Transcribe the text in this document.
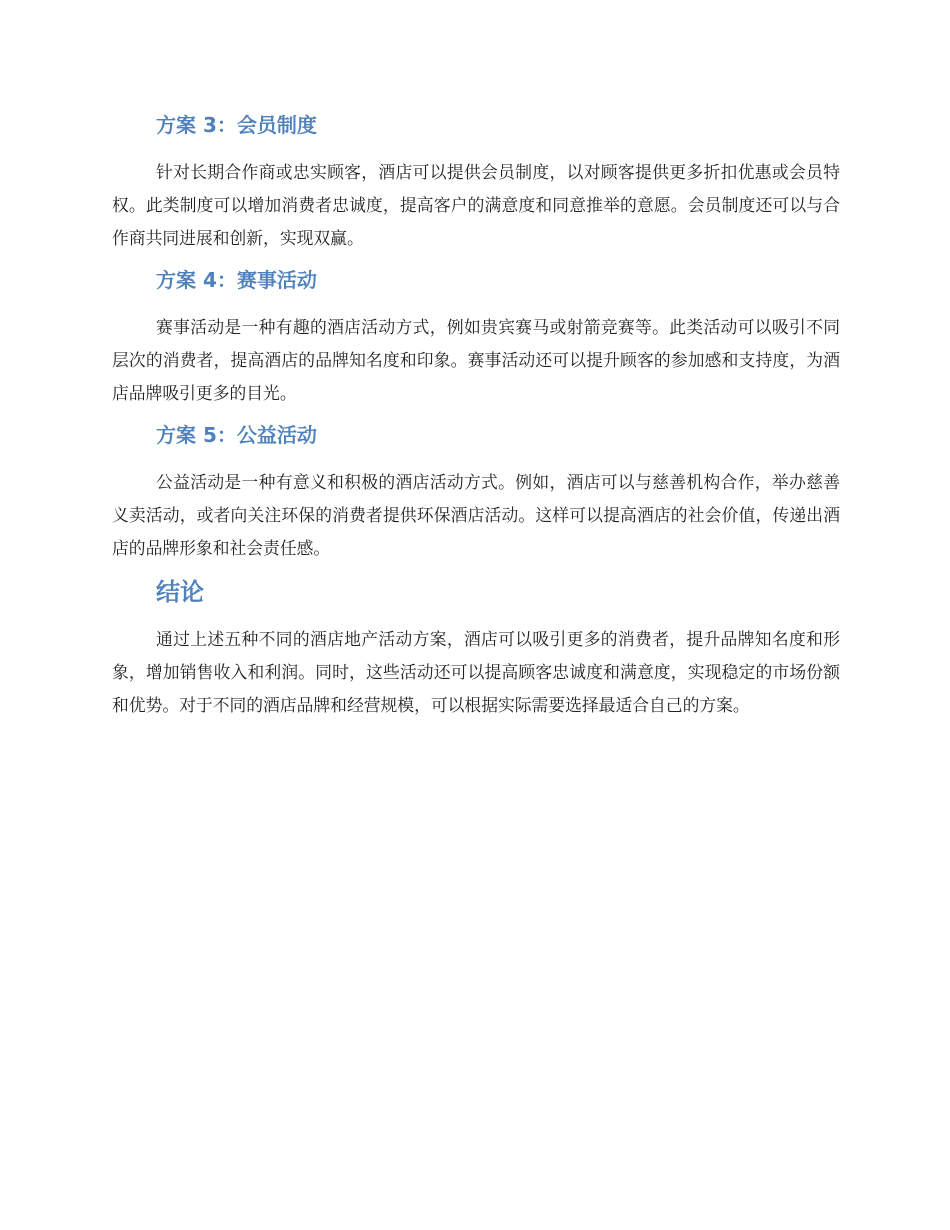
方案 3：会员制度

针对长期合作商或忠实顾客，酒店可以提供会员制度，以对顾客提供更多折扣优惠或会员特权。此类制度可以增加消费者忠诚度，提高客户的满意度和同意推举的意愿。会员制度还可以与合作商共同进展和创新，实现双赢。

方案 4：赛事活动

赛事活动是一种有趣的酒店活动方式，例如贵宾赛马或射箭竞赛等。此类活动可以吸引不同层次的消费者，提高酒店的品牌知名度和印象。赛事活动还可以提升顾客的参加感和支持度，为酒店品牌吸引更多的目光。

方案 5：公益活动

公益活动是一种有意义和积极的酒店活动方式。例如，酒店可以与慈善机构合作，举办慈善义卖活动，或者向关注环保的消费者提供环保酒店活动。这样可以提高酒店的社会价值，传递出酒店的品牌形象和社会责任感。

结论

通过上述五种不同的酒店地产活动方案，酒店可以吸引更多的消费者，提升品牌知名度和形象，增加销售收入和利润。同时，这些活动还可以提高顾客忠诚度和满意度，实现稳定的市场份额和优势。对于不同的酒店品牌和经营规模，可以根据实际需要选择最适合自己的方案。
